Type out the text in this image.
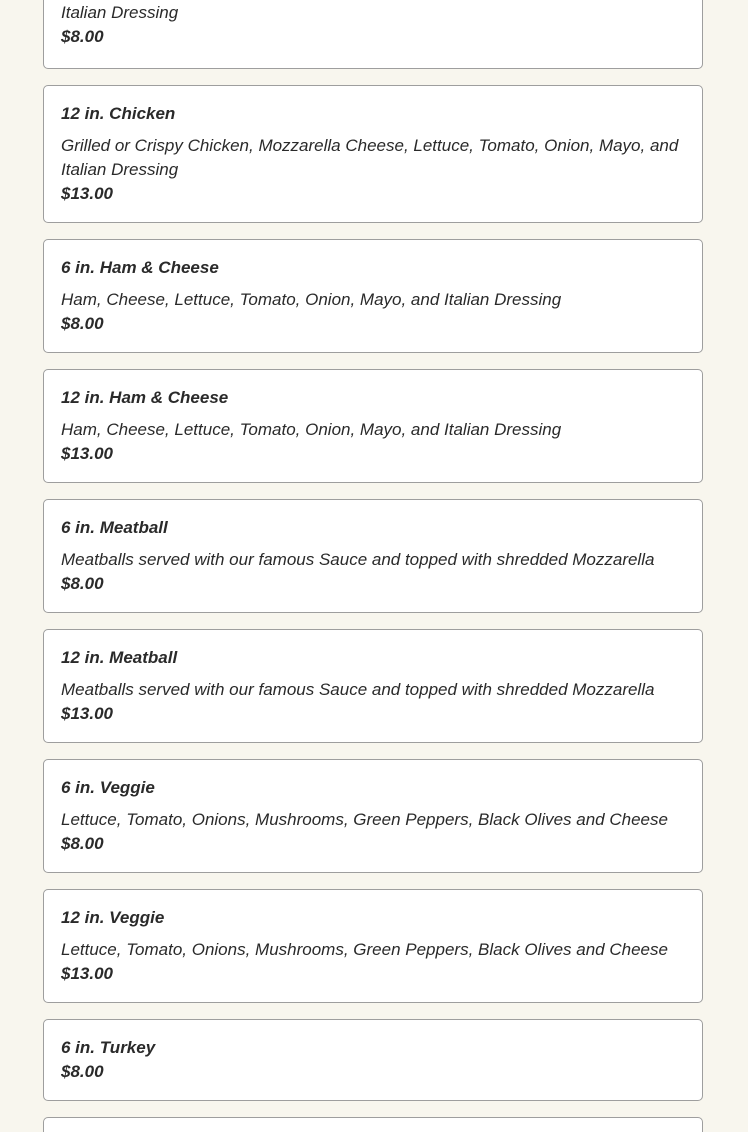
Italian Dressing

$8.00

12 in. Chicken

Grilled or Crispy Chicken, Mozzarella Cheese, Lettuce, Tomato, Onion, Mayo, and Italian Dressing

$13.00

6 in. Ham & Cheese

Ham, Cheese, Lettuce, Tomato, Onion, Mayo, and Italian Dressing

$8.00

12 in. Ham & Cheese

Ham, Cheese, Lettuce, Tomato, Onion, Mayo, and Italian Dressing

$13.00

6 in. Meatball

Meatballs served with our famous Sauce and topped with shredded Mozzarella

$8.00

12 in. Meatball

Meatballs served with our famous Sauce and topped with shredded Mozzarella

$13.00

6 in. Veggie

Lettuce, Tomato, Onions, Mushrooms, Green Peppers, Black Olives and Cheese

$8.00

12 in. Veggie

Lettuce, Tomato, Onions, Mushrooms, Green Peppers, Black Olives and Cheese

$13.00

6 in. Turkey

$8.00
